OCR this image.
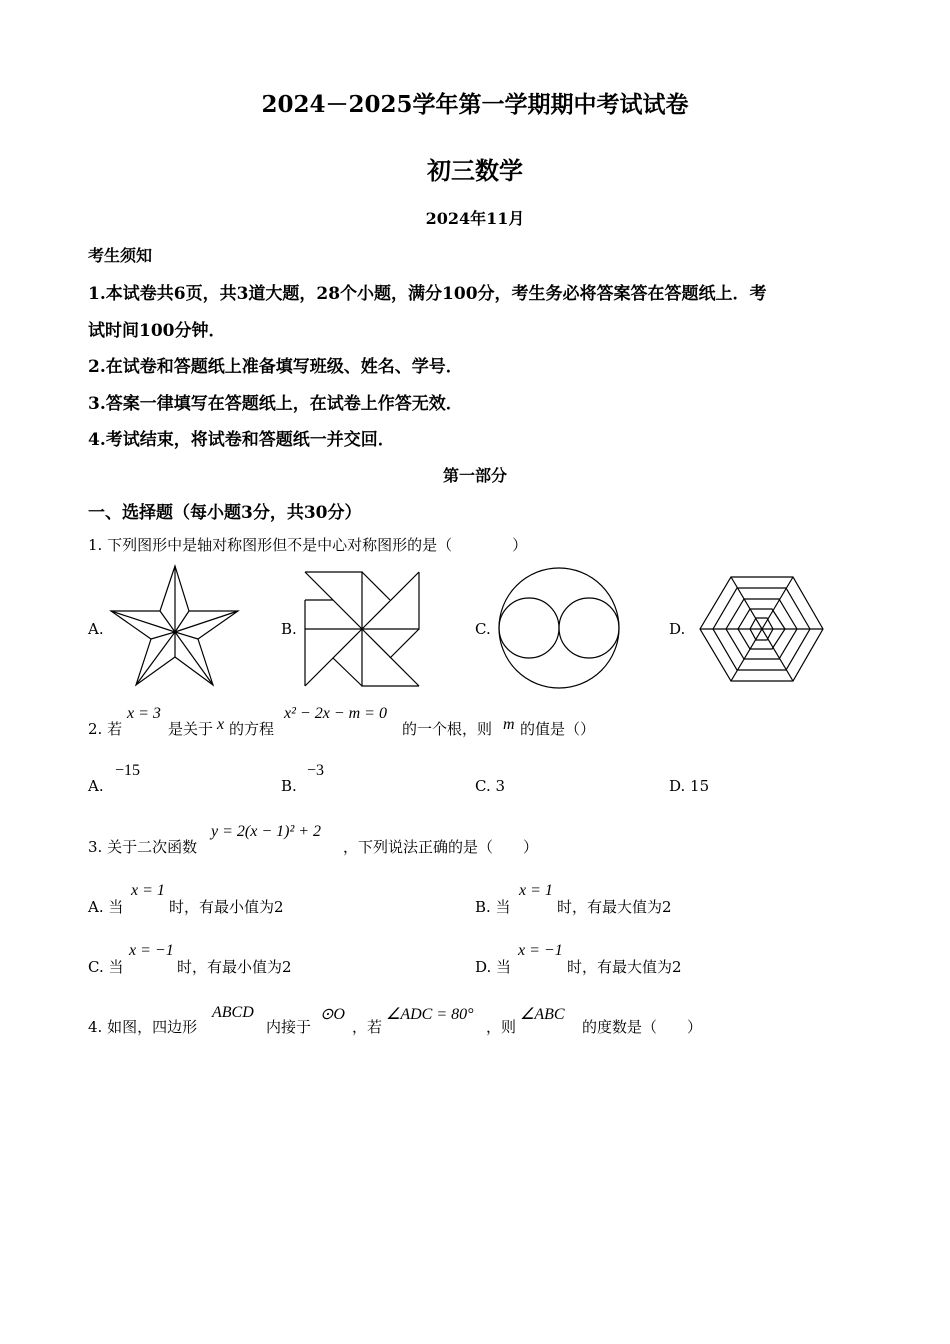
2024－2025学年第一学期期中考试试卷
初三数学
2024年11月
考生须知
1.本试卷共6页，共3道大题，28个小题，满分100分，考生务必将答案答在答题纸上．考
试时间100分钟．
2.在试卷和答题纸上准备填写班级、姓名、学号．
3.答案一律填写在答题纸上，在试卷上作答无效．
4.考试结束，将试卷和答题纸一并交回．
第一部分
一、选择题（每小题3分，共30分）
1. 下列图形中是轴对称图形但不是中心对称图形的是（　　　　）
A.	B.	C.	D.
2. 若
x = 3
是关于 x 的方程
x² − 2x − m = 0
的一个根，则 m 的值是（）
A.
−15
B.
−3
C. 3	D. 15
3. 关于二次函数
y = 2(x − 1)² + 2
，下列说法正确的是（　　）
A. 当
x = 1
时，有最小值为2	B. 当
x = 1
时，有最大值为2
C. 当
x = −1
时，有最小值为2	D. 当
x = −1
时，有最大值为2
4. 如图，四边形
ABCD
内接于
⊙O
，若
∠ADC = 80°
，则
∠ABC
的度数是（　　）
